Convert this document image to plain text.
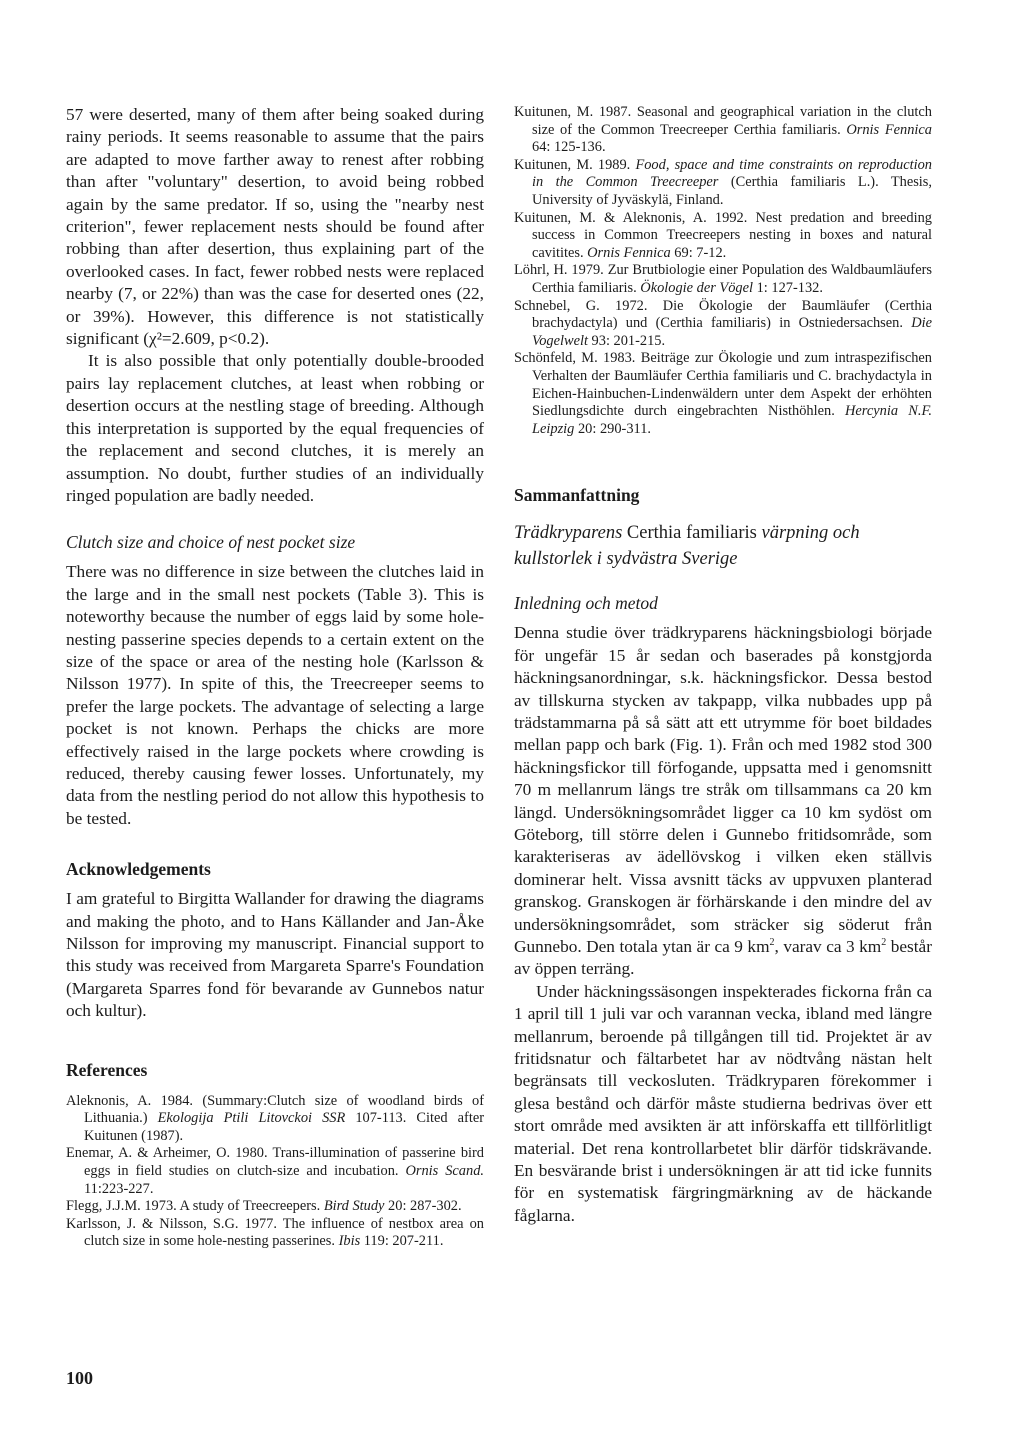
57 were deserted, many of them after being soaked during rainy periods. It seems reasonable to assume that the pairs are adapted to move farther away to renest after robbing than after "voluntary" desertion, to avoid being robbed again by the same predator. If so, using the "nearby nest criterion", fewer replacement nests should be found after robbing than after desertion, thus explaining part of the overlooked cases. In fact, fewer robbed nests were replaced nearby (7, or 22%) than was the case for deserted ones (22, or 39%). However, this difference is not statistically significant (χ²=2.609, p<0.2).

It is also possible that only potentially double-brooded pairs lay replacement clutches, at least when robbing or desertion occurs at the nestling stage of breeding. Although this interpretation is supported by the equal frequencies of the replacement and second clutches, it is merely an assumption. No doubt, further studies of an individually ringed population are badly needed.

Clutch size and choice of nest pocket size

There was no difference in size between the clutches laid in the large and in the small nest pockets (Table 3). This is noteworthy because the number of eggs laid by some hole-nesting passerine species depends to a certain extent on the size of the space or area of the nesting hole (Karlsson & Nilsson 1977). In spite of this, the Treecreeper seems to prefer the large pockets. The advantage of selecting a large pocket is not known. Perhaps the chicks are more effectively raised in the large pockets where crowding is reduced, thereby causing fewer losses. Unfortunately, my data from the nestling period do not allow this hypothesis to be tested.

Acknowledgements

I am grateful to Birgitta Wallander for drawing the diagrams and making the photo, and to Hans Källander and Jan-Åke Nilsson for improving my manuscript. Financial support to this study was received from Margareta Sparre's Foundation (Margareta Sparres fond för bevarande av Gunnebos natur och kultur).

References

Aleknonis, A. 1984. (Summary:Clutch size of woodland birds of Lithuania.) Ekologija Ptili Litovckoi SSR 107-113. Cited after Kuitunen (1987).

Enemar, A. & Arheimer, O. 1980. Trans-illumination of passerine bird eggs in field studies on clutch-size and incubation. Ornis Scand. 11:223-227.

Flegg, J.J.M. 1973. A study of Treecreepers. Bird Study 20: 287-302.

Karlsson, J. & Nilsson, S.G. 1977. The influence of nestbox area on clutch size in some hole-nesting passerines. Ibis 119: 207-211.

Kuitunen, M. 1987. Seasonal and geographical variation in the clutch size of the Common Treecreeper Certhia familiaris. Ornis Fennica 64: 125-136.

Kuitunen, M. 1989. Food, space and time constraints on reproduction in the Common Treecreeper (Certhia familiaris L.). Thesis, University of Jyväskylä, Finland.

Kuitunen, M. & Aleknonis, A. 1992. Nest predation and breeding success in Common Treecreepers nesting in boxes and natural cavitites. Ornis Fennica 69: 7-12.

Löhrl, H. 1979. Zur Brutbiologie einer Population des Waldbaumläufers Certhia familiaris. Ökologie der Vögel 1: 127-132.

Schnebel, G. 1972. Die Ökologie der Baumläufer (Certhia brachydactyla) und (Certhia familiaris) in Ostniedersachsen. Die Vogelwelt 93: 201-215.

Schönfeld, M. 1983. Beiträge zur Ökologie und zum intraspezifischen Verhalten der Baumläufer Certhia familiaris und C. brachydactyla in Eichen-Hainbuchen-Lindenwäldern unter dem Aspekt der erhöhten Siedlungsdichte durch eingebrachten Nisthöhlen. Hercynia N.F. Leipzig 20: 290-311.

Sammanfattning

Trädkryparens Certhia familiaris värpning och kullstorlek i sydvästra Sverige

Inledning och metod

Denna studie över trädkryparens häckningsbiologi började för ungefär 15 år sedan och baserades på konstgjorda häckningsanordningar, s.k. häckningsfickor. Dessa bestod av tillskurna stycken av takpapp, vilka nubbades upp på trädstammarna på så sätt att ett utrymme för boet bildades mellan papp och bark (Fig. 1). Från och med 1982 stod 300 häckningsfickor till förfogande, uppsatta med i genomsnitt 70 m mellanrum längs tre stråk om tillsammans ca 20 km längd. Undersökningsområdet ligger ca 10 km sydöst om Göteborg, till större delen i Gunnebo fritidsområde, som karakteriseras av ädellövskog i vilken eken ställvis dominerar helt. Vissa avsnitt täcks av uppvuxen planterad granskog. Granskogen är förhärskande i den mindre del av undersökningsområdet, som sträcker sig söderut från Gunnebo. Den totala ytan är ca 9 $km^2$, varav ca 3 $km^2$ består av öppen terräng.

Under häckningssäsongen inspekterades fickorna från ca 1 april till 1 juli var och varannan vecka, ibland med längre mellanrum, beroende på tillgången till tid. Projektet är av fritidsnatur och fältarbetet har av nödtvång nästan helt begränsats till veckosluten. Trädkryparen förekommer i glesa bestånd och därför måste studierna bedrivas över ett stort område med avsikten är att införskaffa ett tillförlitligt material. Det rena kontrollarbetet blir därför tidskrävande. En besvärande brist i undersökningen är att tid icke funnits för en systematisk färgringmärkning av de häckande fåglarna.

100
